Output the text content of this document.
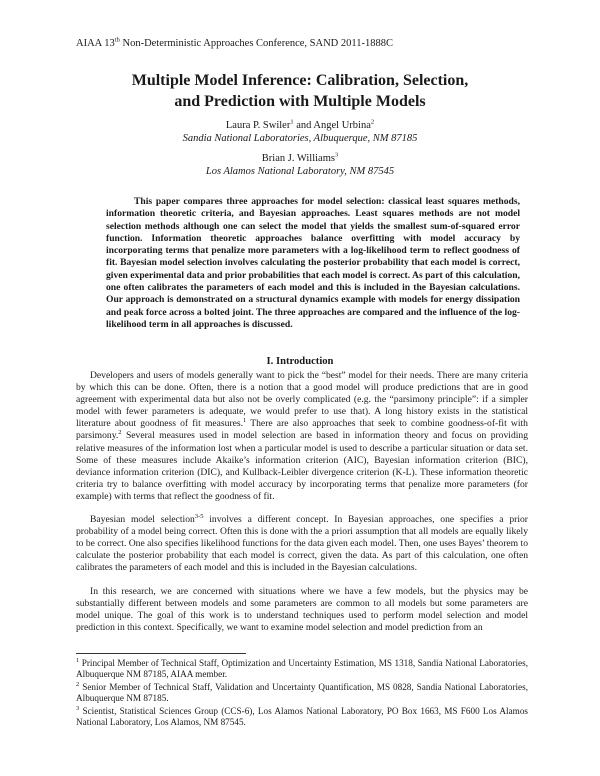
AIAA 13th Non-Deterministic Approaches Conference, SAND 2011-1888C
Multiple Model Inference: Calibration, Selection,
and Prediction with Multiple Models
Laura P. Swiler$^1$ and Angel Urbina$^2$
Sandia National Laboratories, Albuquerque, NM 87185
Brian J. Williams$^3$
Los Alamos National Laboratory, NM 87545
This paper compares three approaches for model selection: classical least squares methods, information theoretic criteria, and Bayesian approaches. Least squares methods are not model selection methods although one can select the model that yields the smallest sum-of-squared error function. Information theoretic approaches balance overfitting with model accuracy by incorporating terms that penalize more parameters with a log-likelihood term to reflect goodness of fit. Bayesian model selection involves calculating the posterior probability that each model is correct, given experimental data and prior probabilities that each model is correct. As part of this calculation, one often calibrates the parameters of each model and this is included in the Bayesian calculations. Our approach is demonstrated on a structural dynamics example with models for energy dissipation and peak force across a bolted joint. The three approaches are compared and the influence of the log-likelihood term in all approaches is discussed.
I. Introduction

Developers and users of models generally want to pick the “best” model for their needs. There are many criteria by which this can be done. Often, there is a notion that a good model will produce predictions that are in good agreement with experimental data but also not be overly complicated (e.g. the “parsimony principle”: if a simpler model with fewer parameters is adequate, we would prefer to use that). A long history exists in the statistical literature about goodness of fit measures.$^1$ There are also approaches that seek to combine goodness-of-fit with parsimony.$^2$ Several measures used in model selection are based in information theory and focus on providing relative measures of the information lost when a particular model is used to describe a particular situation or data set. Some of these measures include Akaike’s information criterion (AIC), Bayesian information criterion (BIC), deviance information criterion (DIC), and Kullback-Leibler divergence criterion (K-L). These information theoretic criteria try to balance overfitting with model accuracy by incorporating terms that penalize more parameters (for example) with terms that reflect the goodness of fit.

Bayesian model selection$^{3-5}$ involves a different concept. In Bayesian approaches, one specifies a prior probability of a model being correct. Often this is done with the a priori assumption that all models are equally likely to be correct. One also specifies likelihood functions for the data given each model. Then, one uses Bayes’ theorem to calculate the posterior probability that each model is correct, given the data. As part of this calculation, one often calibrates the parameters of each model and this is included in the Bayesian calculations.

In this research, we are concerned with situations where we have a few models, but the physics may be substantially different between models and some parameters are common to all models but some parameters are model unique. The goal of this work is to understand techniques used to perform model selection and model prediction in this context. Specifically, we want to examine model selection and model prediction from an

$^1$ Principal Member of Technical Staff, Optimization and Uncertainty Estimation, MS 1318, Sandia National Laboratories, Albuquerque NM 87185, AIAA member.
$^2$ Senior Member of Technical Staff, Validation and Uncertainty Quantification, MS 0828, Sandia National Laboratories, Albuquerque NM 87185.
$^3$ Scientist, Statistical Sciences Group (CCS-6), Los Alamos National Laboratory, PO Box 1663, MS F600 Los Alamos National Laboratory, Los Alamos, NM 87545.
